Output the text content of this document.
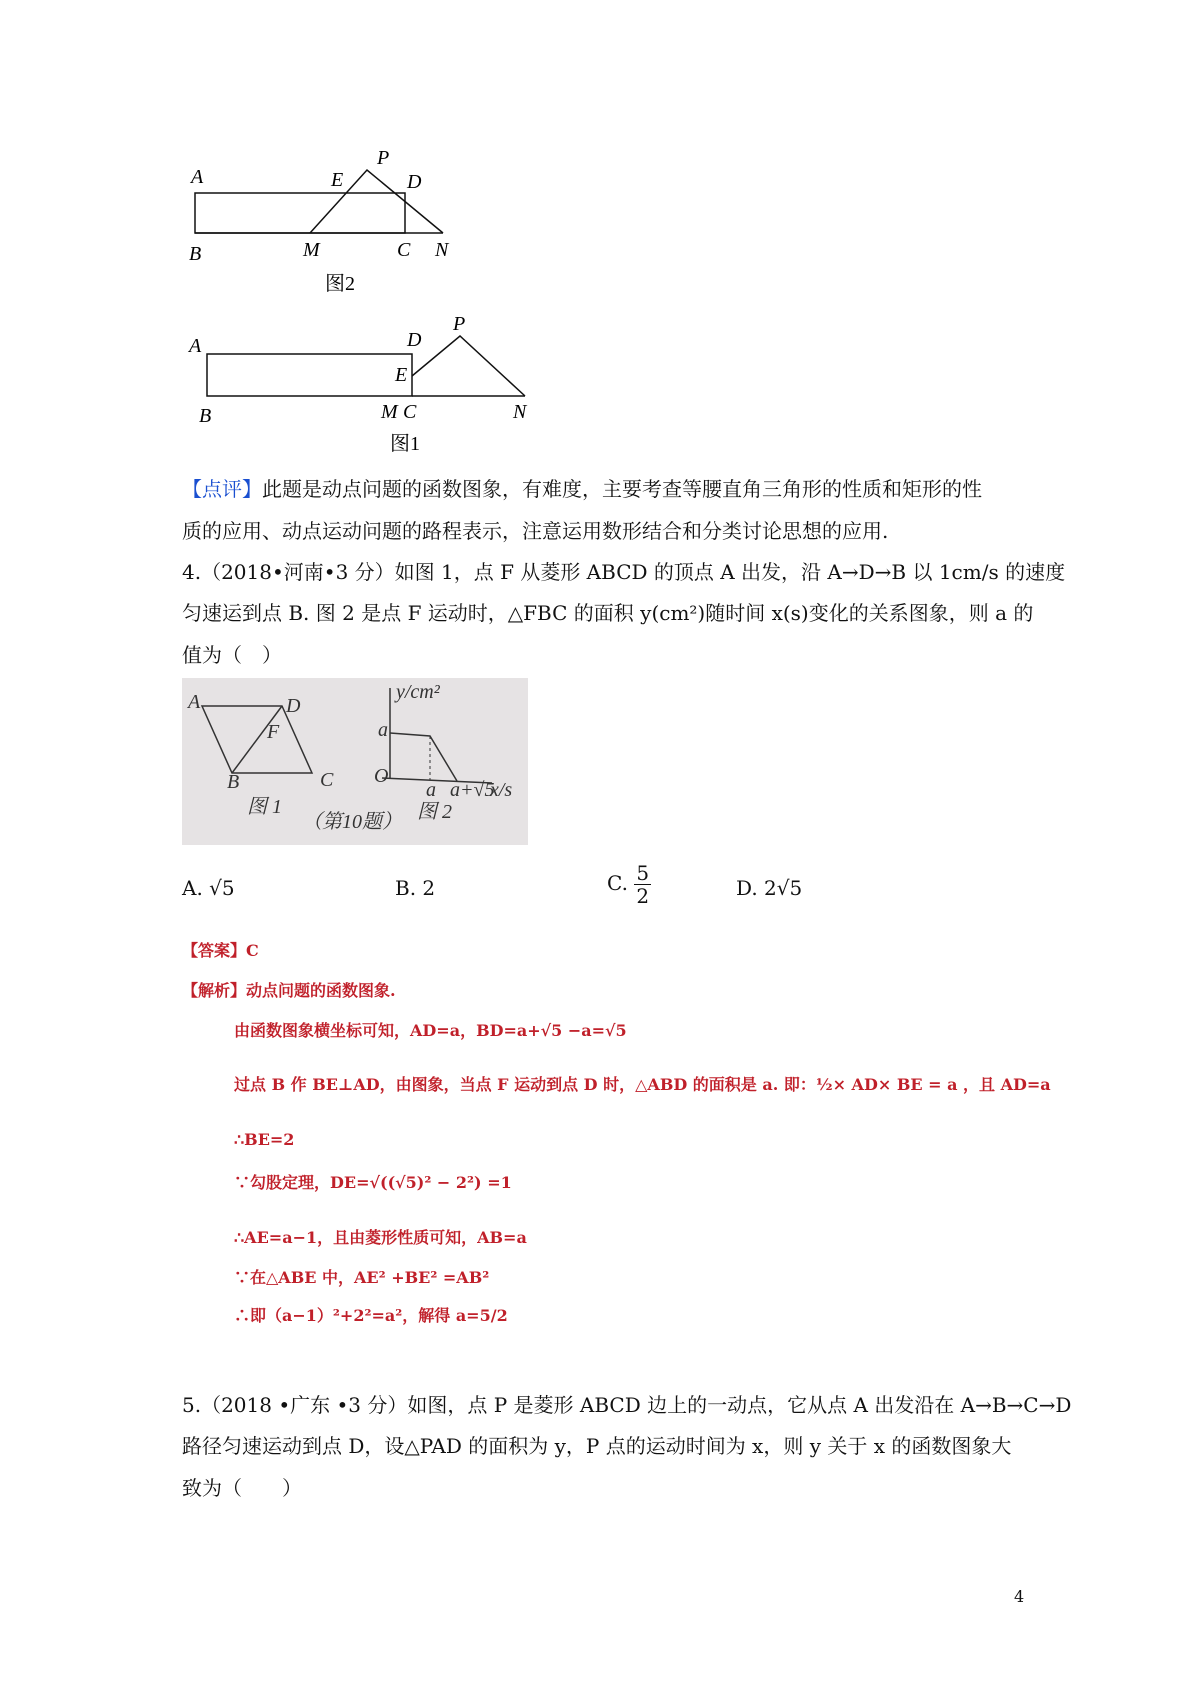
A	E
P
D
B	M	C N
图2
A	D
P
E
B	M C	N
图1
【点评】此题是动点问题的函数图象，有难度，主要考查等腰直角三角形的性质和矩形的性
质的应用、动点运动问题的路程表示，注意运用数形结合和分类讨论思想的应用.
4.（2018•河南•3 分）如图 1，点 F 从菱形 ABCD 的顶点 A 出发，沿 A→D→B 以 1cm/s 的速度
匀速运到点 B. 图 2 是点 F 运动时，△FBC 的面积 y(cm²)随时间 x(s)变化的关系图象，则 a 的
值为（　）
A	D
F
B	C
图 1
（第10题）
y/cm²
a
O
a a+√5
x/s
图 2
A. √5	B. 2	C. $\frac{5}{2}$	D. 2√5
【答案】C
【解析】动点问题的函数图象.
由函数图象横坐标可知，AD=a，BD=a+√5 −a=√5
过点 B 作 BE⊥AD，由图象，当点 F 运动到点 D 时，△ABD 的面积是 a. 即：½× AD× BE = a ，且 AD=a
∴BE=2
∵勾股定理，DE=√((√5)² − 2²) =1
∴AE=a−1，且由菱形性质可知，AB=a
∵在△ABE 中，AE² +BE² =AB²
∴即（a−1）²+2²=a²，解得 a=5/2
5.（2018 •广东 •3 分）如图，点 P 是菱形 ABCD 边上的一动点，它从点 A 出发沿在 A→B→C→D
路径匀速运动到点 D，设△PAD 的面积为 y，P 点的运动时间为 x，则 y 关于 x 的函数图象大
致为（　　）
4
